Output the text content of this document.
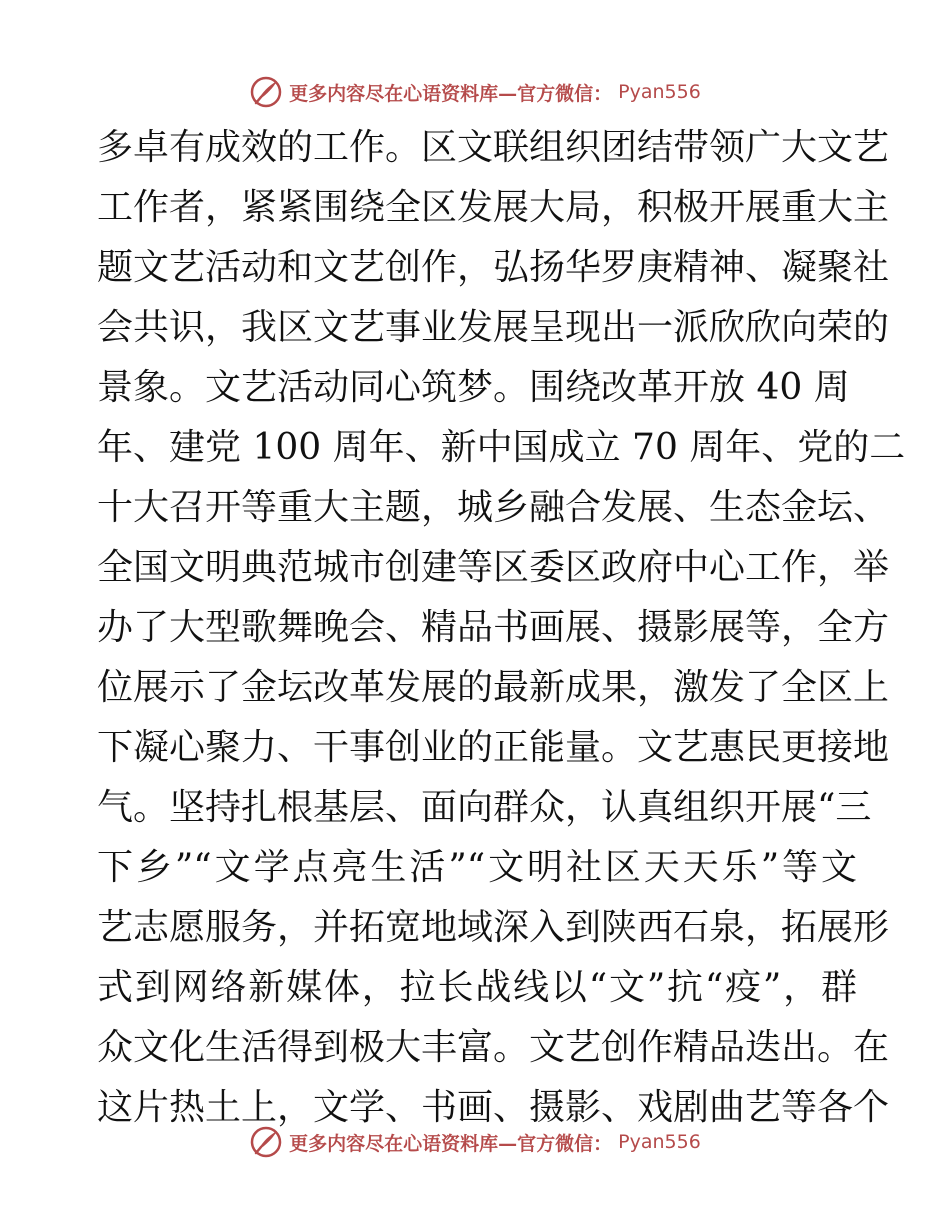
更多内容尽在心语资料库—官方微信： Pyan556
多卓有成效的工作。区文联组织团结带领广大文艺
工作者，紧紧围绕全区发展大局，积极开展重大主
题文艺活动和文艺创作，弘扬华罗庚精神、凝聚社
会共识，我区文艺事业发展呈现出一派欣欣向荣的
景象。文艺活动同心筑梦。围绕改革开放 40 周
年、建党 100 周年、新中国成立 70 周年、党的二
十大召开等重大主题，城乡融合发展、生态金坛、
全国文明典范城市创建等区委区政府中心工作，举
办了大型歌舞晚会、精品书画展、摄影展等，全方
位展示了金坛改革发展的最新成果，激发了全区上
下凝心聚力、干事创业的正能量。文艺惠民更接地
气。坚持扎根基层、面向群众，认真组织开展“三
下乡”“文学点亮生活”“文明社区天天乐”等文
艺志愿服务，并拓宽地域深入到陕西石泉，拓展形
式到网络新媒体，拉长战线以“文”抗“疫”，群
众文化生活得到极大丰富。文艺创作精品迭出。在
这片热土上，文学、书画、摄影、戏剧曲艺等各个
更多内容尽在心语资料库—官方微信： Pyan556
